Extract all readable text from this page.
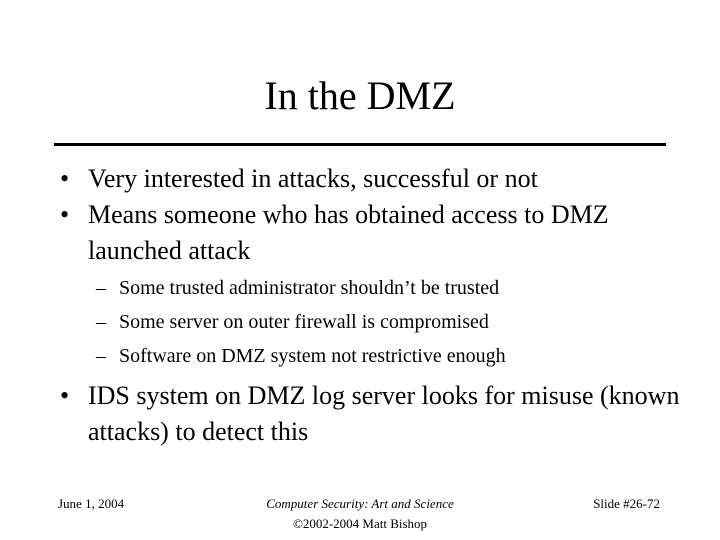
In the DMZ
• Very interested in attacks, successful or not
• Means someone who has obtained access to DMZ launched attack
– Some trusted administrator shouldn’t be trusted
– Some server on outer firewall is compromised
– Software on DMZ system not restrictive enough
• IDS system on DMZ log server looks for misuse (known attacks) to detect this
June 1, 2004	Computer Security: Art and Science
©2002-2004 Matt Bishop
Slide #26-72
